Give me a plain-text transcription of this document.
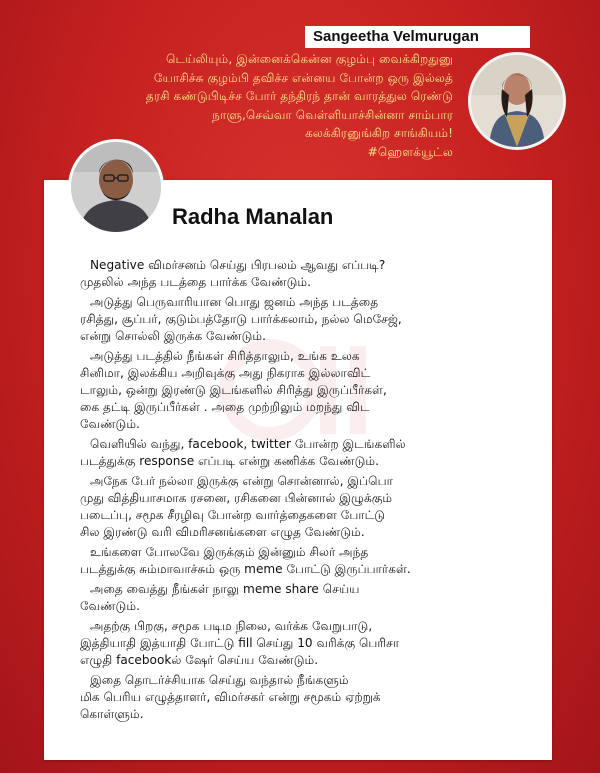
Sangeetha Velmurugan
டெய்லியும், இன்னைக்கென்ன குழம்பு வைக்கிறதுனு
யோசிச்சு குழம்பி தவிச்ச என்னய போன்ற ஒரு இல்லத்
தரசி கண்டுபிடிச்ச போர் தந்திரந் தான் வாரத்துல ரெண்டு
நாளு,செவ்வா வெள்ளியாச்சின்னா சாம்பார
கலக்கிரனுங்கிற சாங்கியம்!
#ஹௌக்யூட்ல
Radha Manalan
Negative விமர்சனம் செய்து பிரபலம் ஆவது எப்படி?
முதலில் அந்த படத்தை பார்க்க வேண்டும்.
அடுத்து பெருவாரியான பொது ஜனம் அந்த படத்தை
ரசித்து, சூப்பர், குடும்பத்தோடு பார்க்கலாம், நல்ல மெசேஜ்,
என்று சொல்லி இருக்க வேண்டும்.
அடுத்து படத்தில் நீங்கள் சிரித்தாலும், உங்க உலக
சினிமா, இலக்கிய அறிவுக்கு அது நிகராக இல்லாவிட்
டாலும், ஒன்று இரண்டு இடங்களில் சிரித்து இருப்பீர்கள்,
கை தட்டி இருப்பீர்கள் . அதை முற்றிலும் மறந்து விட
வேண்டும்.
வெளியில் வந்து, facebook, twitter போன்ற இடங்களில்
படத்துக்கு response எப்படி என்று கணிக்க வேண்டும்.
அநேக பேர் நல்லா இருக்கு என்று சொன்னால், இப்பொ
முது வித்தியாசமாக ரசனை, ரசிகனை பின்னால் இழுக்கும்
படைப்பு, சமூக சீரழிவு போன்ற வார்த்தைகளை போட்டு
சில இரண்டு வரி விமரிசனங்களை எழுத வேண்டும்.
உங்களை போலவே இருக்கும் இன்னும் சிலர் அந்த
படத்துக்கு சும்மாவாச்சும் ஒரு meme போட்டு இருப்பார்கள்.
அதை வைத்து நீங்கள் நாலு meme share செய்ய
வேண்டும்.
அதற்கு பிறகு, சமூக படிம நிலை, வர்க்க வேறுபாடு,
இத்தியாதி இத்யாதி போட்டு fill செய்து 10 வரிக்கு பெரிசா
எழுதி facebookல் ஷேர் செய்ய வேண்டும்.
இதை தொடர்ச்சியாக செய்து வந்தால் நீங்களும்
மிக பெரிய எழுத்தாளர், விமர்சகர் என்று சமூகம் ஏற்றுக்
கொள்ளும்.
